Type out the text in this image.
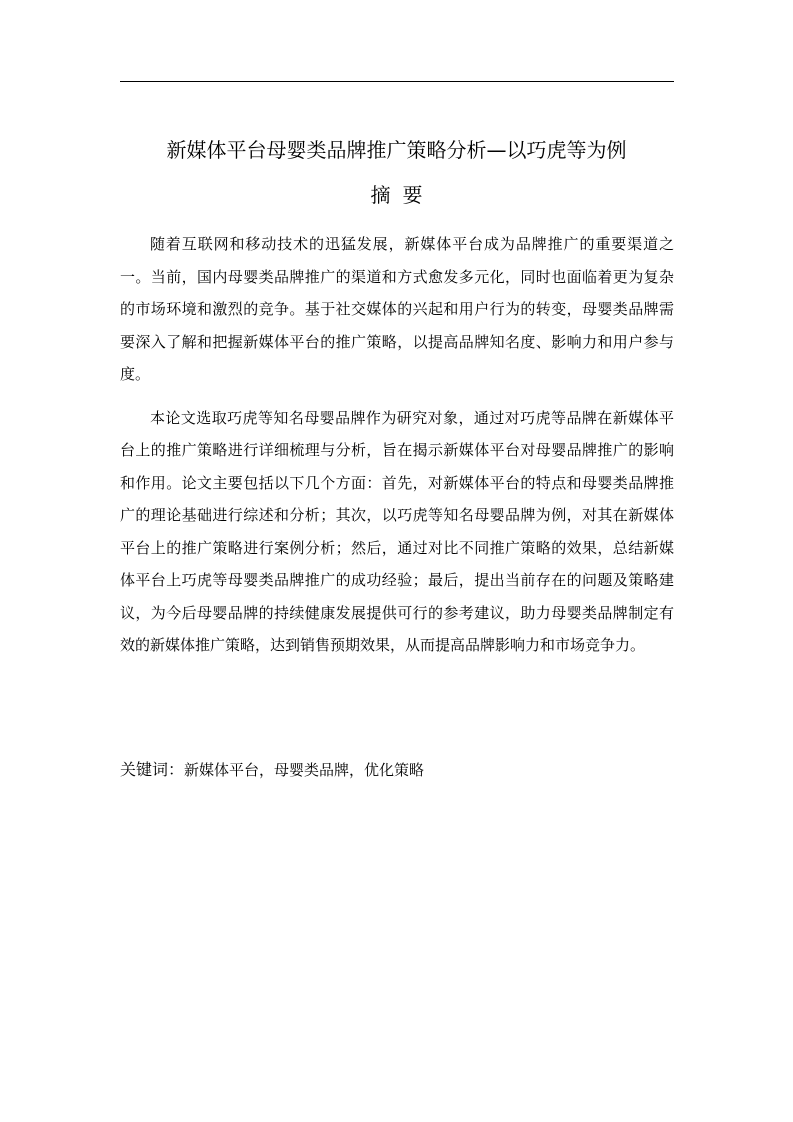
新媒体平台母婴类品牌推广策略分析—以巧虎等为例
摘要

随着互联网和移动技术的迅猛发展，新媒体平台成为品牌推广的重要渠道之一。当前，国内母婴类品牌推广的渠道和方式愈发多元化，同时也面临着更为复杂的市场环境和激烈的竞争。基于社交媒体的兴起和用户行为的转变，母婴类品牌需要深入了解和把握新媒体平台的推广策略，以提高品牌知名度、影响力和用户参与度。

本论文选取巧虎等知名母婴品牌作为研究对象，通过对巧虎等品牌在新媒体平台上的推广策略进行详细梳理与分析，旨在揭示新媒体平台对母婴品牌推广的影响和作用。论文主要包括以下几个方面：首先，对新媒体平台的特点和母婴类品牌推广的理论基础进行综述和分析；其次，以巧虎等知名母婴品牌为例，对其在新媒体平台上的推广策略进行案例分析；然后，通过对比不同推广策略的效果，总结新媒体平台上巧虎等母婴类品牌推广的成功经验；最后，提出当前存在的问题及策略建议，为今后母婴品牌的持续健康发展提供可行的参考建议，助力母婴类品牌制定有效的新媒体推广策略，达到销售预期效果，从而提高品牌影响力和市场竞争力。

关键词：新媒体平台，母婴类品牌，优化策略
